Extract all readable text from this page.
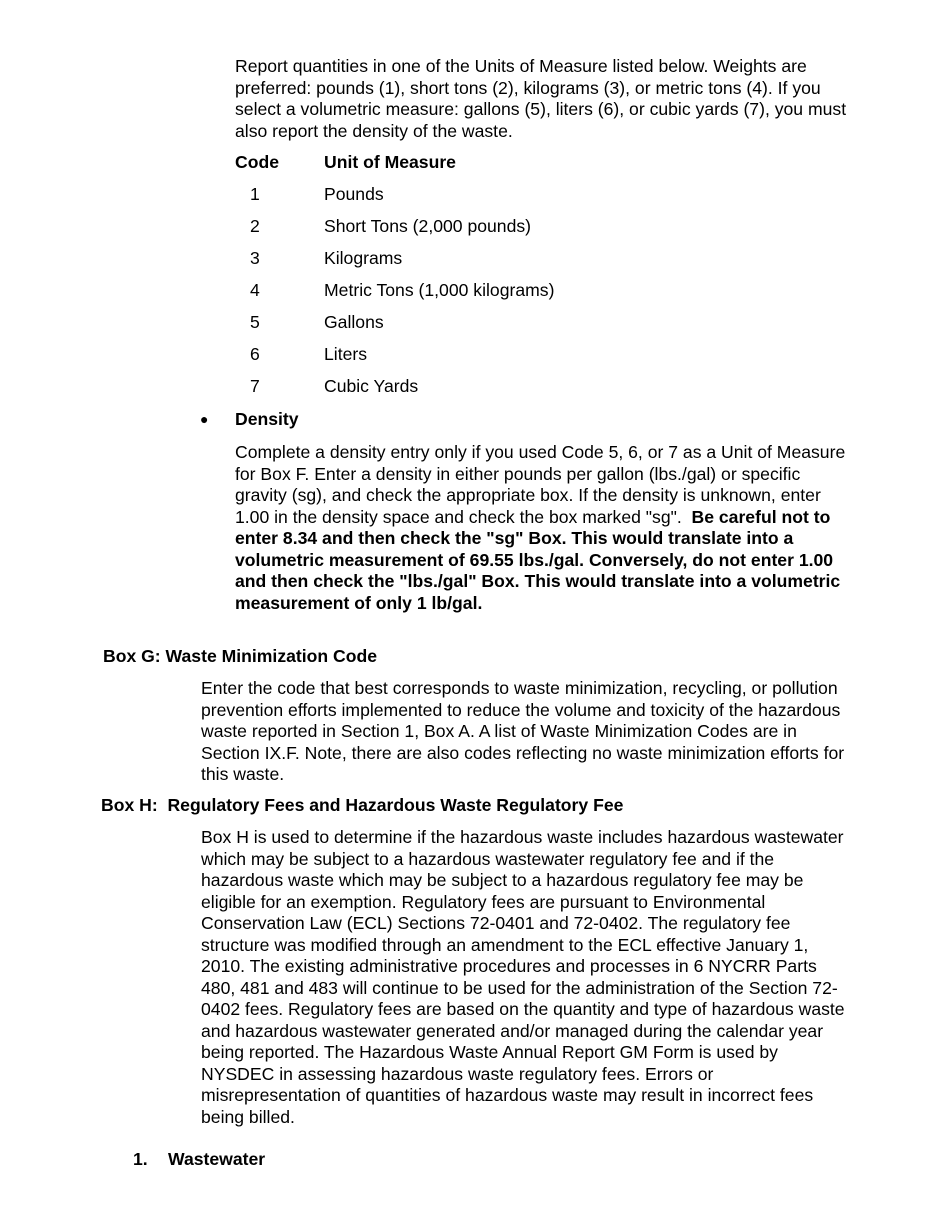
Report quantities in one of the Units of Measure listed below. Weights are

preferred: pounds (1), short tons (2), kilograms (3), or metric tons (4). If you

select a volumetric measure: gallons (5), liters (6), or cubic yards (7), you must

also report the density of the waste.

Code	Unit of Measure
1	Pounds
2	Short Tons (2,000 pounds)
3	Kilograms
4	Metric Tons (1,000 kilograms)
5	Gallons
6	Liters
7	Cubic Yards
● Density

Complete a density entry only if you used Code 5, 6, or 7 as a Unit of Measure

for Box F. Enter a density in either pounds per gallon (lbs./gal) or specific

gravity (sg), and check the appropriate box. If the density is unknown, enter

1.00 in the density space and check the box marked "sg".  Be careful not to

enter 8.34 and then check the "sg" Box. This would translate into a

volumetric measurement of 69.55 lbs./gal. Conversely, do not enter 1.00

and then check the "lbs./gal" Box. This would translate into a volumetric

measurement of only 1 lb/gal.

Box G: Waste Minimization Code

Enter the code that best corresponds to waste minimization, recycling, or pollution

prevention efforts implemented to reduce the volume and toxicity of the hazardous

waste reported in Section 1, Box A. A list of Waste Minimization Codes are in

Section IX.F. Note, there are also codes reflecting no waste minimization efforts for

this waste.

Box H:  Regulatory Fees and Hazardous Waste Regulatory Fee

Box H is used to determine if the hazardous waste includes hazardous wastewater

which may be subject to a hazardous wastewater regulatory fee and if the

hazardous waste which may be subject to a hazardous regulatory fee may be

eligible for an exemption. Regulatory fees are pursuant to Environmental

Conservation Law (ECL) Sections 72-0401 and 72-0402. The regulatory fee

structure was modified through an amendment to the ECL effective January 1,

2010. The existing administrative procedures and processes in 6 NYCRR Parts

480, 481 and 483 will continue to be used for the administration of the Section 72-

0402 fees. Regulatory fees are based on the quantity and type of hazardous waste

and hazardous wastewater generated and/or managed during the calendar year

being reported. The Hazardous Waste Annual Report GM Form is used by

NYSDEC in assessing hazardous waste regulatory fees. Errors or

misrepresentation of quantities of hazardous waste may result in incorrect fees

being billed.

1. Wastewater
